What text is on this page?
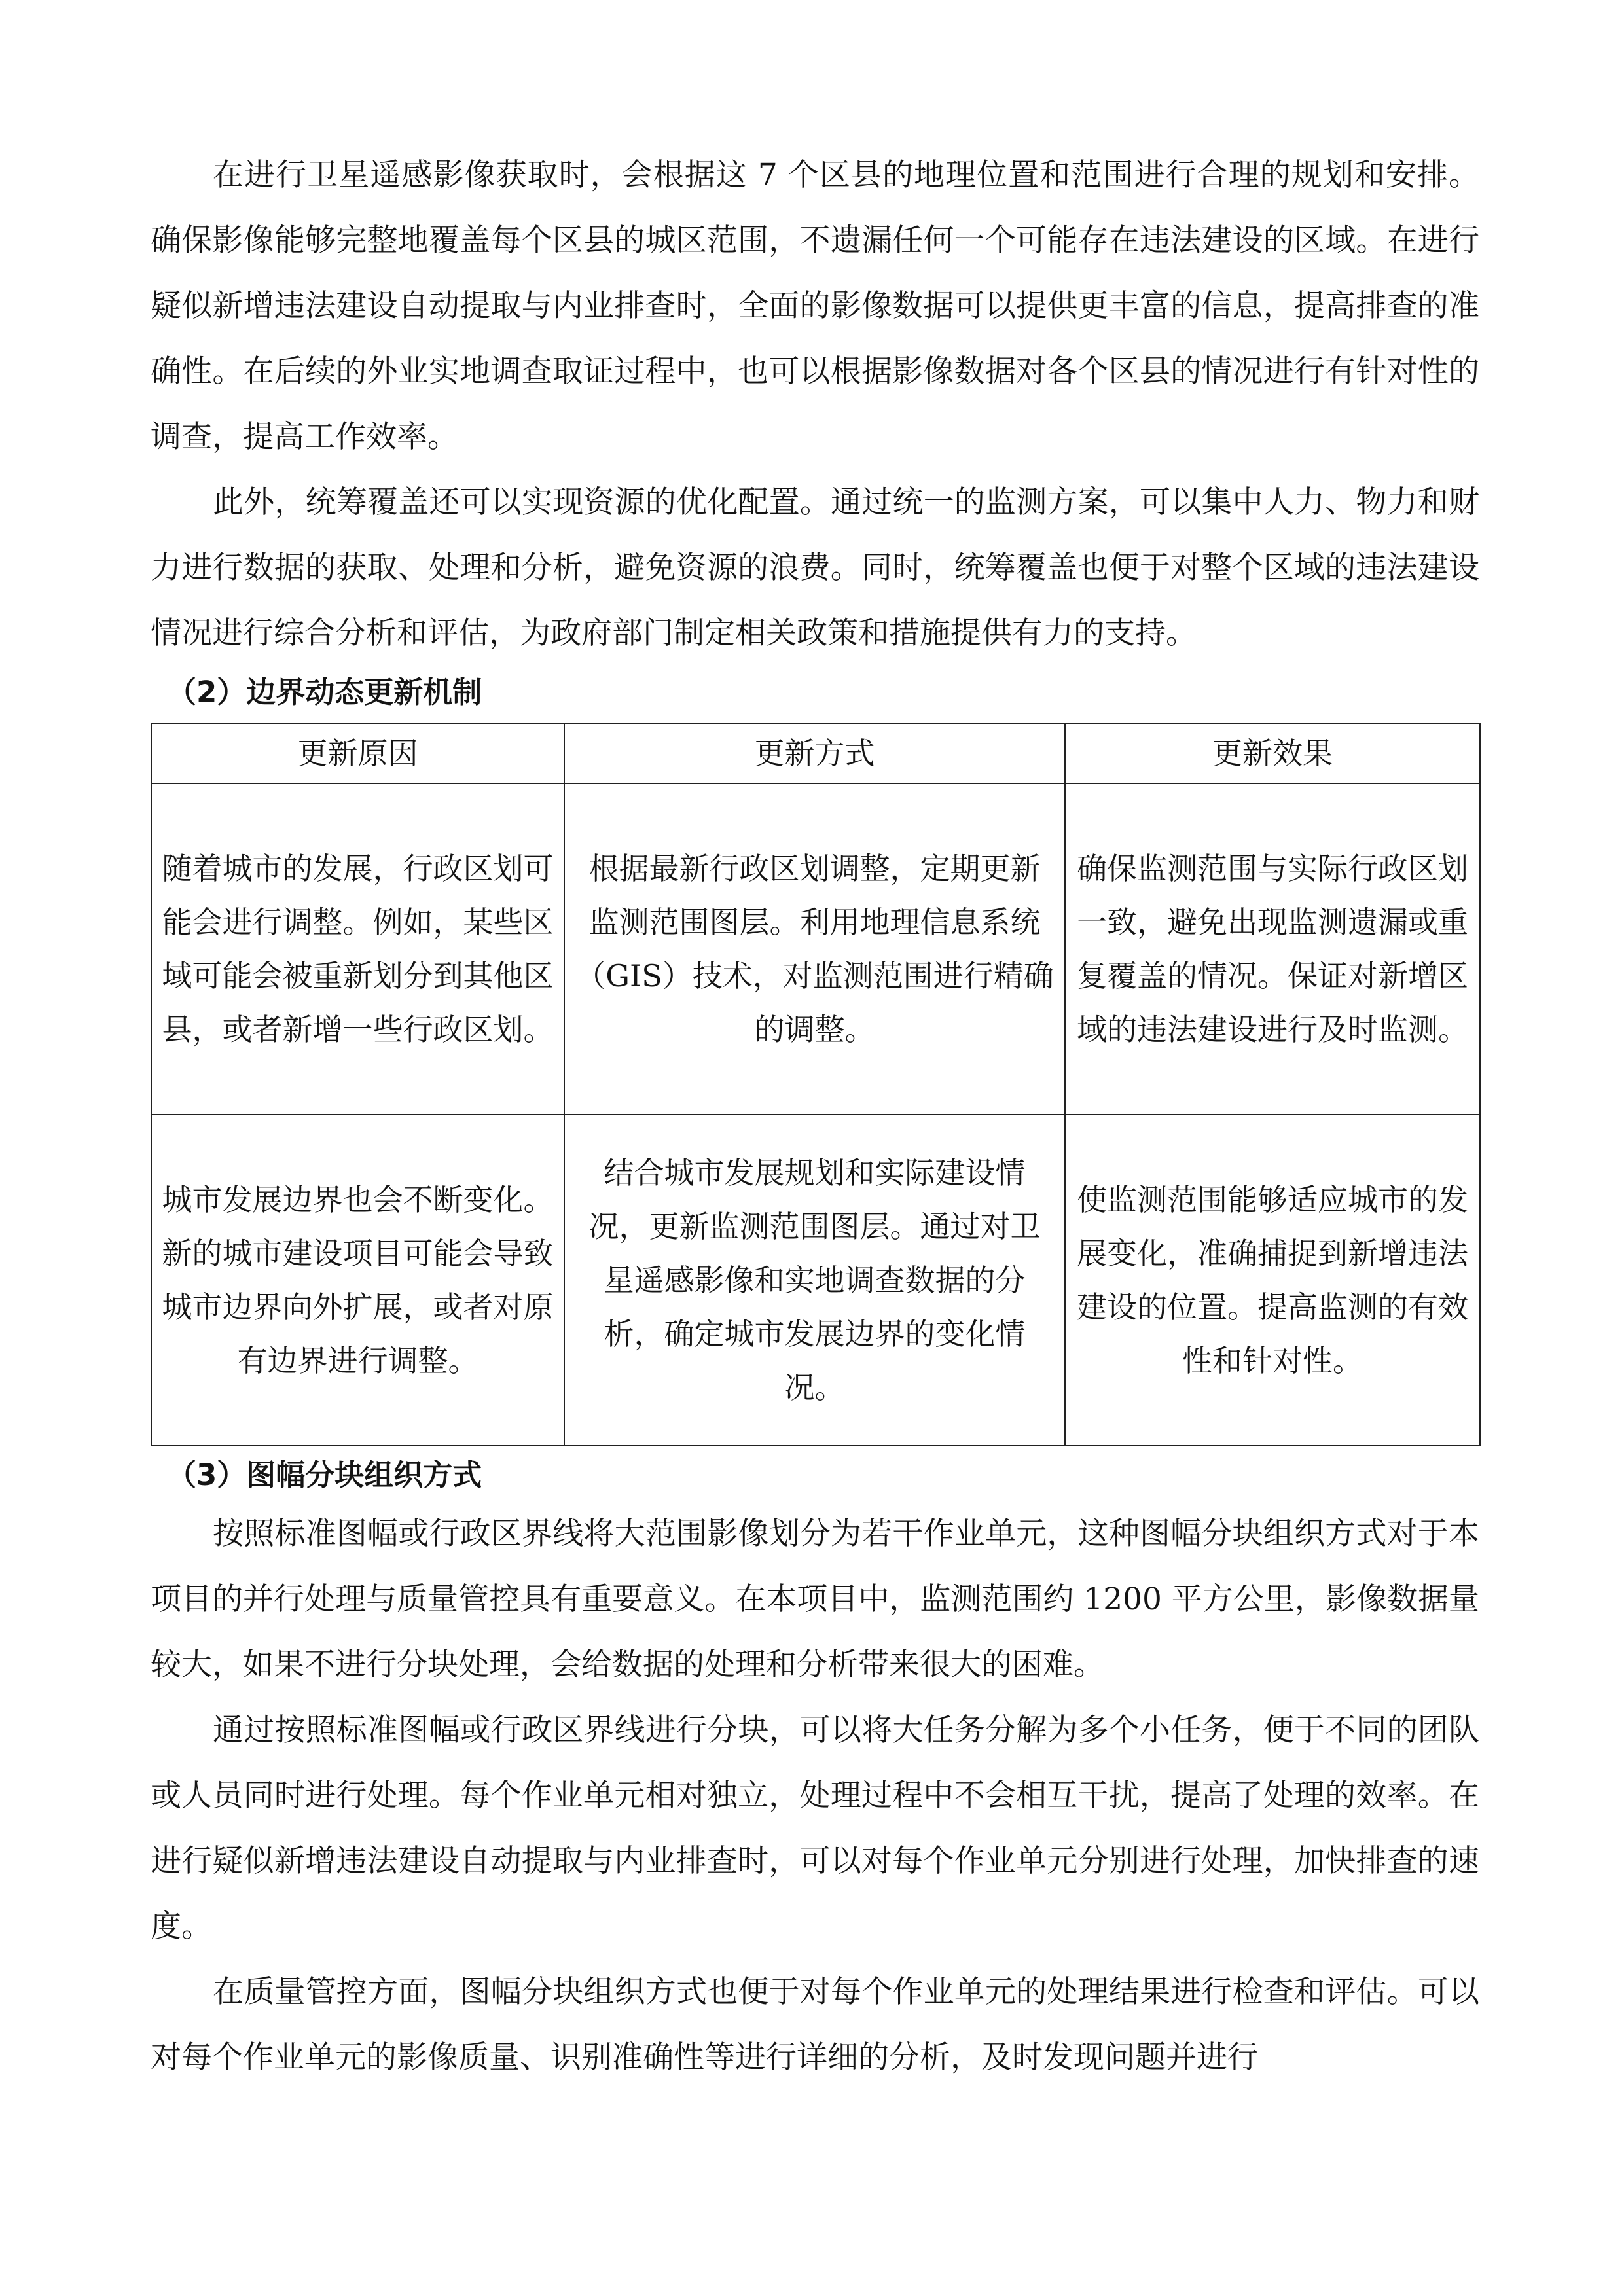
在进行卫星遥感影像获取时，会根据这 7 个区县的地理位置和范围进行合理的规划和安排。确保影像能够完整地覆盖每个区县的城区范围，不遗漏任何一个可能存在违法建设的区域。在进行疑似新增违法建设自动提取与内业排查时，全面的影像数据可以提供更丰富的信息，提高排查的准确性。在后续的外业实地调查取证过程中，也可以根据影像数据对各个区县的情况进行有针对性的调查，提高工作效率。

此外，统筹覆盖还可以实现资源的优化配置。通过统一的监测方案，可以集中人力、物力和财力进行数据的获取、处理和分析，避免资源的浪费。同时，统筹覆盖也便于对整个区域的违法建设情况进行综合分析和评估，为政府部门制定相关政策和措施提供有力的支持。

（2）边界动态更新机制

更新原因	更新方式	更新效果
随着城市的发展，行政区划可能会进行调整。例如，某些区域可能会被重新划分到其他区县，或者新增一些行政区划。	根据最新行政区划调整，定期更新监测范围图层。利用地理信息系统（GIS）技术，对监测范围进行精确的调整。	确保监测范围与实际行政区划一致，避免出现监测遗漏或重复覆盖的情况。保证对新增区域的违法建设进行及时监测。
城市发展边界也会不断变化。新的城市建设项目可能会导致城市边界向外扩展，或者对原有边界进行调整。	结合城市发展规划和实际建设情况，更新监测范围图层。通过对卫星遥感影像和实地调查数据的分析，确定城市发展边界的变化情况。	使监测范围能够适应城市的发展变化，准确捕捉到新增违法建设的位置。提高监测的有效性和针对性。

（3）图幅分块组织方式

按照标准图幅或行政区界线将大范围影像划分为若干作业单元，这种图幅分块组织方式对于本项目的并行处理与质量管控具有重要意义。在本项目中，监测范围约 1200 平方公里，影像数据量较大，如果不进行分块处理，会给数据的处理和分析带来很大的困难。

通过按照标准图幅或行政区界线进行分块，可以将大任务分解为多个小任务，便于不同的团队或人员同时进行处理。每个作业单元相对独立，处理过程中不会相互干扰，提高了处理的效率。在进行疑似新增违法建设自动提取与内业排查时，可以对每个作业单元分别进行处理，加快排查的速度。

在质量管控方面，图幅分块组织方式也便于对每个作业单元的处理结果进行检查和评估。可以对每个作业单元的影像质量、识别准确性等进行详细的分析，及时发现问题并进行
